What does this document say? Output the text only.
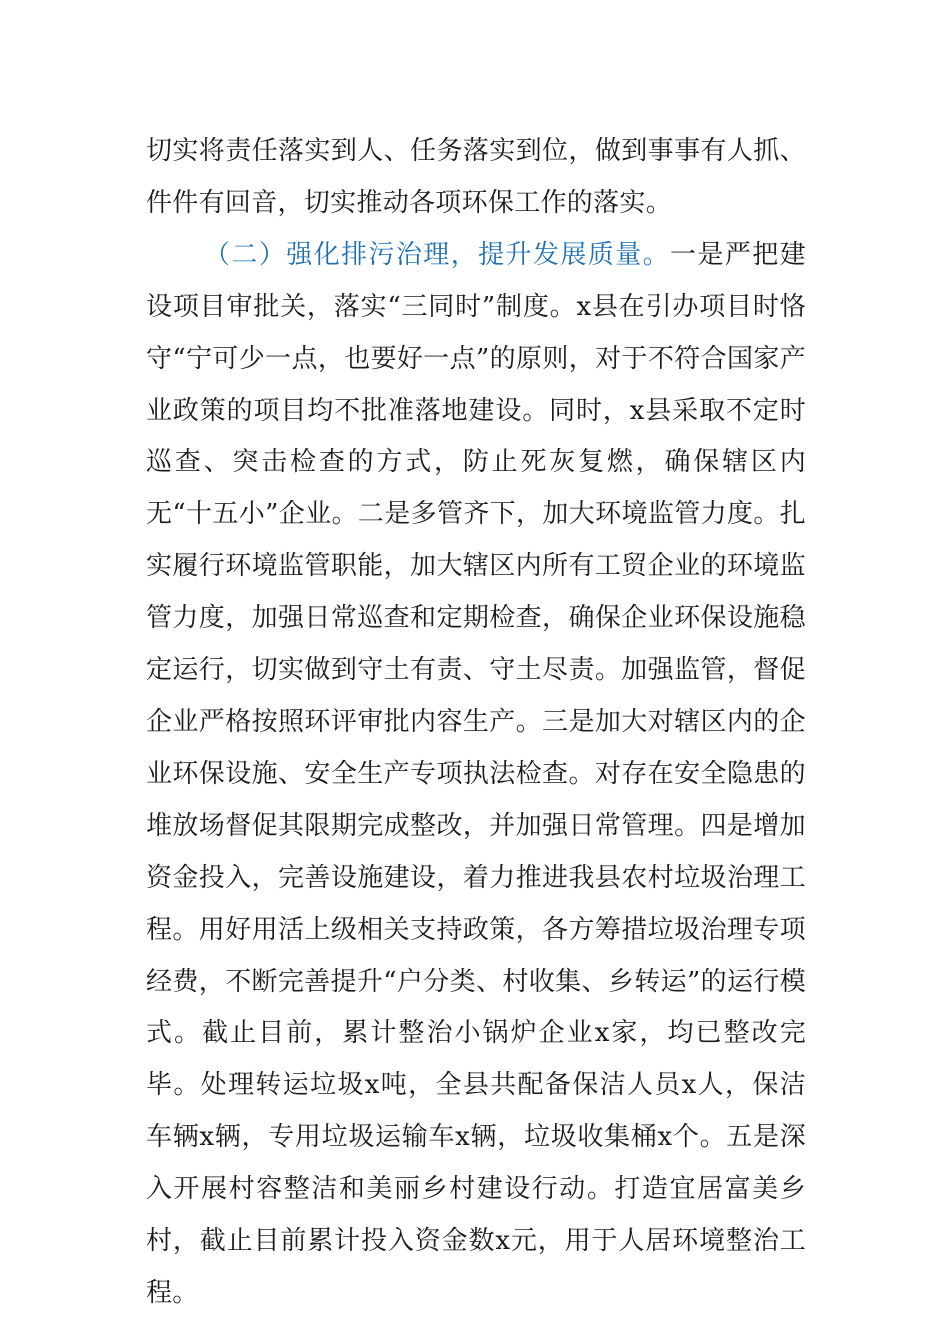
切实将责任落实到人、任务落实到位，做到事事有人抓、件件有回音，切实推动各项环保工作的落实。

（二）强化排污治理，提升发展质量。一是严把建设项目审批关，落实“三同时”制度。x县在引办项目时恪守“宁可少一点，也要好一点”的原则，对于不符合国家产业政策的项目均不批准落地建设。同时，x县采取不定时巡查、突击检查的方式，防止死灰复燃，确保辖区内无“十五小”企业。二是多管齐下，加大环境监管力度。扎实履行环境监管职能，加大辖区内所有工贸企业的环境监管力度，加强日常巡查和定期检查，确保企业环保设施稳定运行，切实做到守土有责、守土尽责。加强监管，督促企业严格按照环评审批内容生产。三是加大对辖区内的企业环保设施、安全生产专项执法检查。对存在安全隐患的堆放场督促其限期完成整改，并加强日常管理。四是增加资金投入，完善设施建设，着力推进我县农村垃圾治理工程。用好用活上级相关支持政策，各方筹措垃圾治理专项经费，不断完善提升“户分类、村收集、乡转运”的运行模式。截止目前，累计整治小锅炉企业x家，均已整改完毕。处理转运垃圾x吨，全县共配备保洁人员x人，保洁车辆x辆，专用垃圾运输车x辆，垃圾收集桶x个。五是深入开展村容整洁和美丽乡村建设行动。打造宜居富美乡村，截止目前累计投入资金数x元，用于人居环境整治工程。
